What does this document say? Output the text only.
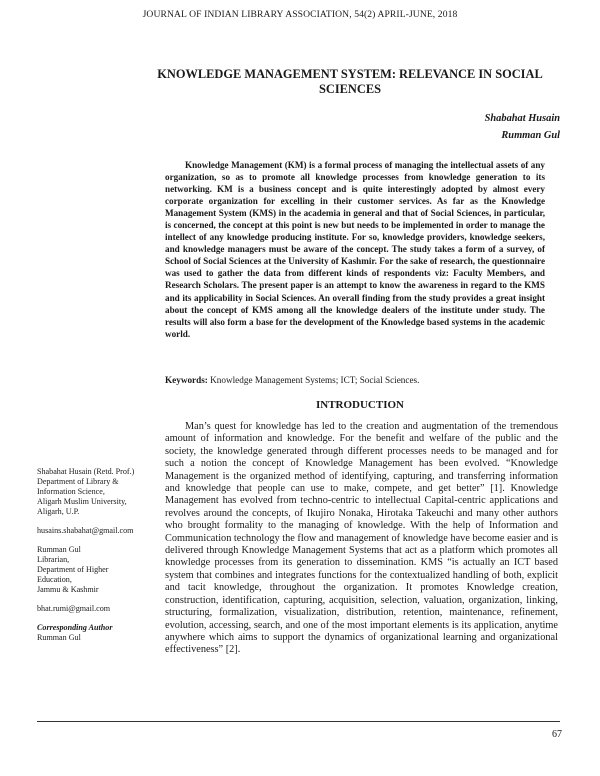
JOURNAL OF INDIAN LIBRARY ASSOCIATION, 54(2) APRIL-JUNE, 2018
KNOWLEDGE MANAGEMENT SYSTEM: RELEVANCE IN SOCIAL SCIENCES
Shabahat Husain
Rumman Gul

Knowledge Management (KM) is a formal process of managing the intellectual assets of any organization, so as to promote all knowledge processes from knowledge generation to its networking. KM is a business concept and is quite interestingly adopted by almost every corporate organization for excelling in their customer services. As far as the Knowledge Management System (KMS) in the academia in general and that of Social Sciences, in particular, is concerned, the concept at this point is new but needs to be implemented in order to manage the intellect of any knowledge producing institute. For so, knowledge providers, knowledge seekers, and knowledge managers must be aware of the concept. The study takes a form of a survey, of School of Social Sciences at the University of Kashmir. For the sake of research, the questionnaire was used to gather the data from different kinds of respondents viz: Faculty Members, and Research Scholars. The present paper is an attempt to know the awareness in regard to the KMS and its applicability in Social Sciences. An overall finding from the study provides a great insight about the concept of KMS among all the knowledge dealers of the institute under study. The results will also form a base for the development of the Knowledge based systems in the academic world.

Keywords: Knowledge Management Systems; ICT; Social Sciences.
INTRODUCTION

Man’s quest for knowledge has led to the creation and augmentation of the tremendous amount of information and knowledge. For the benefit and welfare of the public and the society, the knowledge generated through different processes needs to be managed and for such a notion the concept of Knowledge Management has been evolved. “Knowledge Management is the organized method of identifying, capturing, and transferring information and knowledge that people can use to make, compete, and get better” [1]. Knowledge Management has evolved from techno-centric to intellectual Capital-centric applications and revolves around the concepts, of Ikujiro Nonaka, Hirotaka Takeuchi and many other authors who brought formality to the managing of knowledge. With the help of Information and Communication technology the flow and management of knowledge have become easier and is delivered through Knowledge Management Systems that act as a platform which promotes all knowledge processes from its generation to dissemination. KMS “is actually an ICT based system that combines and integrates functions for the contextualized handling of both, explicit and tacit knowledge, throughout the organization. It promotes Knowledge creation, construction, identification, capturing, acquisition, selection, valuation, organization, linking, structuring, formalization, visualization, distribution, retention, maintenance, refinement, evolution, accessing, search, and one of the most important elements is its application, anytime anywhere which aims to support the dynamics of organizational learning and organizational effectiveness” [2].

Shabahat Husain (Retd. Prof.)
Department of Library &
Information Science,
Aligarh Muslim University,
Aligarh, U.P.
husains.shabahat@gmail.com
Rumman Gul
Librarian,
Department of Higher
Education,
Jammu & Kashmir
bhat.rumi@gmail.com
Corresponding Author
Rumman Gul
67
